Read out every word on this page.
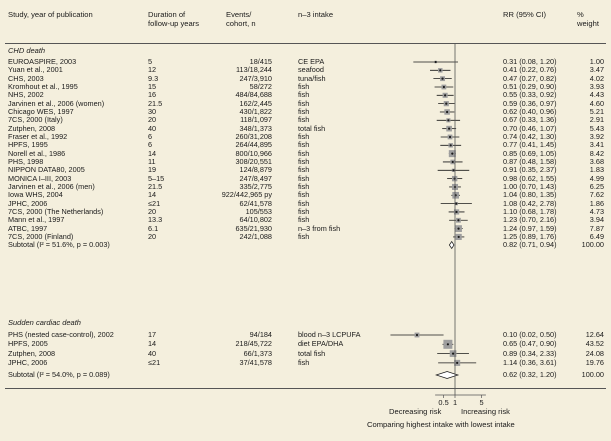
Study, year of publication	Duration of follow-up years
Events/ cohort, n
n–3 intake	RR (95% CI)	% weight
CHD death
EUROASPIRE, 2003	5	18/415	CE EPA	0.31 (0.08, 1.20)	1.00
Yuan et al., 2001	12	113/18,244	seafood	0.41 (0.22, 0.76)	3.47
CHS, 2003	9.3	247/3,910	tuna/fish	0.47 (0.27, 0.82)	4.02
Kromhout et al., 1995	15	58/272	fish	0.51 (0.29, 0.90)	3.93
NHS, 2002	16	484/84,688	fish	0.55 (0.33, 0.92)	4.43
Jarvinen et al., 2006 (women)	21.5	162/2,445	fish	0.59 (0.36, 0.97)	4.60
Chicago WES, 1997	30	430/1,822	fish	0.62 (0.40, 0.96)	5.21
7CS, 2000 (Italy)	20	118/1,097	fish	0.67 (0.33, 1.36)	2.91
Zutphen, 2008	40	348/1,373	total fish	0.70 (0.46, 1.07)	5.43
Fraser et al., 1992	6	260/31,208	fish	0.74 (0.42, 1.30)	3.92
HPFS, 1995	6	264/44,895	fish	0.77 (0.41, 1.45)	3.41
Norell et al., 1986	14	800/10,966	fish	0.85 (0.69, 1.05)	8.42
PHS, 1998	11	308/20,551	fish	0.87 (0.48, 1.58)	3.68
NIPPON DATA80, 2005	19	124/8,879	fish	0.91 (0.35, 2.37)	1.83
MONICA I–III, 2003	5–15	247/8,497	fish	0.98 (0.62, 1.55)	4.99
Jarvinen et al., 2006 (men)	21.5	335/2,775	fish	1.00 (0.70, 1.43)	6.25
Iowa WHS, 2004	14	922/442,965 py	fish	1.04 (0.80, 1.35)	7.62
JPHC, 2006	≤21	62/41,578	fish	1.08 (0.42, 2.78)	1.86
7CS, 2000 (The Netherlands)	20	105/553	fish	1.10 (0.68, 1.78)	4.73
Mann et al., 1997	13.3	64/10,802	fish	1.23 (0.70, 2.16)	3.94
ATBC, 1997	6.1	635/21,930	n–3 from fish	1.24 (0.97, 1.59)	7.87
7CS, 2000 (Finland)	20	242/1,088	fish	1.25 (0.89, 1.76)	6.49
Subtotal (I² = 51.6%, p = 0.003)	0.82 (0.71, 0.94)	100.00
Sudden cardiac death
PHS (nested case-control), 2002	17	94/184	blood n–3 LCPUFA	0.10 (0.02, 0.50)	12.64
HPFS, 2005	14	218/45,722	diet EPA/DHA	0.65 (0.47, 0.90)	43.52
Zutphen, 2008	40	66/1,373	total fish	0.89 (0.34, 2.33)	24.08
JPHC, 2006	≤21	37/41,578	fish	1.14 (0.36, 3.61)	19.76
Subtotal (I² = 54.0%, p = 0.089)	0.62 (0.32, 1.20)	100.00
0.5 1	5
Decreasing risk	Increasing risk
Comparing highest intake with lowest intake
